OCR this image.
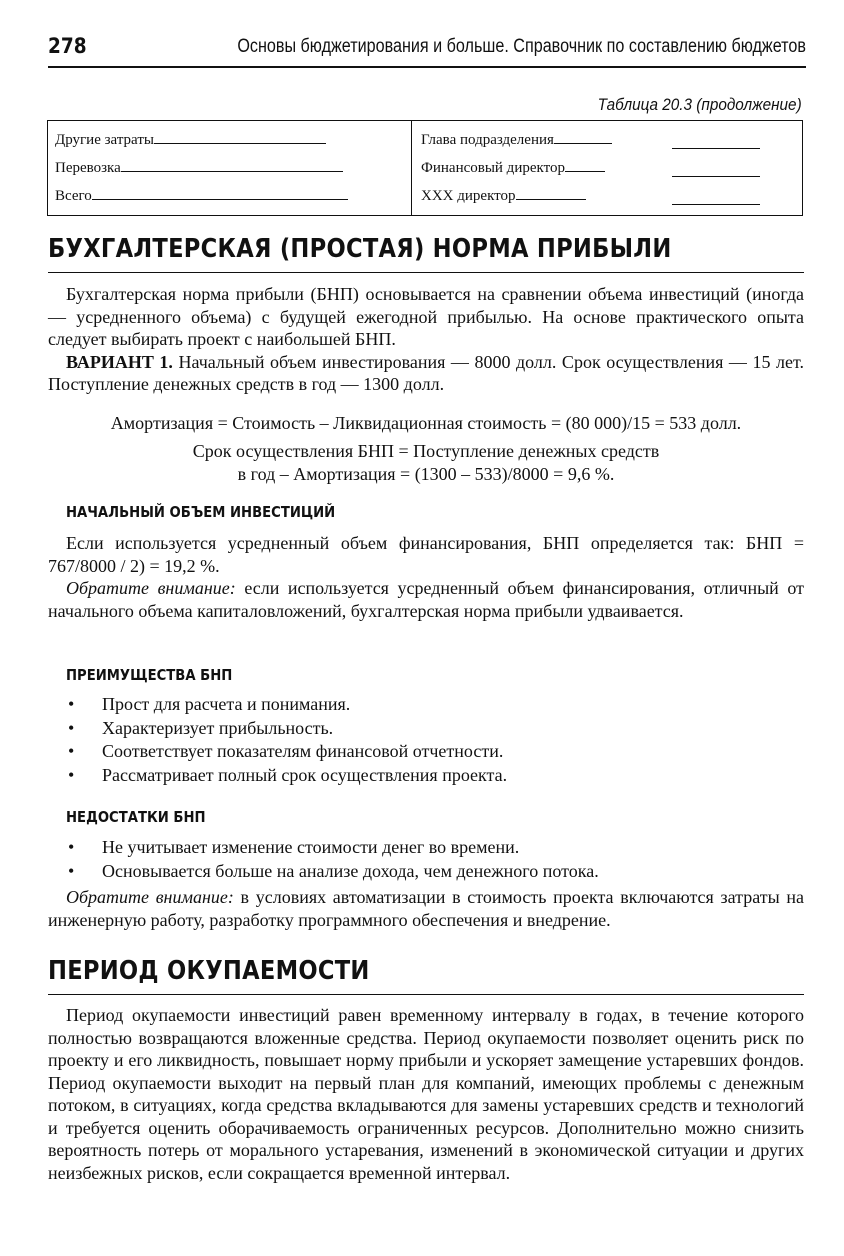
278	Основы бюджетирования и больше. Справочник по составлению бюджетов
Таблица 20.3 (продолжение)
Другие затраты
Перевозка
Всего
Глава подразделения
Финансовый директор
XXX директор
БУХГАЛТЕРСКАЯ (ПРОСТАЯ) НОРМА ПРИБЫЛИ

Бухгалтерская норма прибыли (БНП) основывается на сравнении объема инвестиций (иногда — усредненного объема) с будущей ежегодной прибылью. На основе практического опыта следует выбирать проект с наибольшей БНП.

ВАРИАНТ 1. Начальный объем инвестирования — 8000 долл. Срок осуществления — 15 лет. Поступление денежных средств в год — 1300 долл.

Амортизация = Стоимость – Ликвидационная стоимость = (80 000)/15 = 533 долл.
Срок осуществления БНП = Поступление денежных средств
в год – Амортизация = (1300 – 533)/8000 = 9,6 %.
НАЧАЛЬНЫЙ ОБЪЕМ ИНВЕСТИЦИЙ

Если используется усредненный объем финансирования, БНП определяется так: БНП = 767/8000 / 2) = 19,2 %.

Обратите внимание: если используется усредненный объем финансирования, отличный от начального объема капиталовложений, бухгалтерская норма прибыли удваивается.

ПРЕИМУЩЕСТВА БНП
• Прост для расчета и понимания.
• Характеризует прибыльность.
• Соответствует показателям финансовой отчетности.
• Рассматривает полный срок осуществления проекта.
НЕДОСТАТКИ БНП
• Не учитывает изменение стоимости денег во времени.
• Основывается больше на анализе дохода, чем денежного потока.

Обратите внимание: в условиях автоматизации в стоимость проекта включаются затраты на инженерную работу, разработку программного обеспечения и внедрение.

ПЕРИОД ОКУПАЕМОСТИ

Период окупаемости инвестиций равен временному интервалу в годах, в течение которого полностью возвращаются вложенные средства. Период окупаемости позволяет оценить риск по проекту и его ликвидность, повышает норму прибыли и ускоряет замещение устаревших фондов. Период окупаемости выходит на первый план для компаний, имеющих проблемы с денежным потоком, в ситуациях, когда средства вкладываются для замены устаревших средств и технологий и требуется оценить оборачиваемость ограниченных ресурсов. Дополнительно можно снизить вероятность потерь от морального устаревания, изменений в экономической ситуации и других неизбежных рисков, если сокращается временной интервал.
